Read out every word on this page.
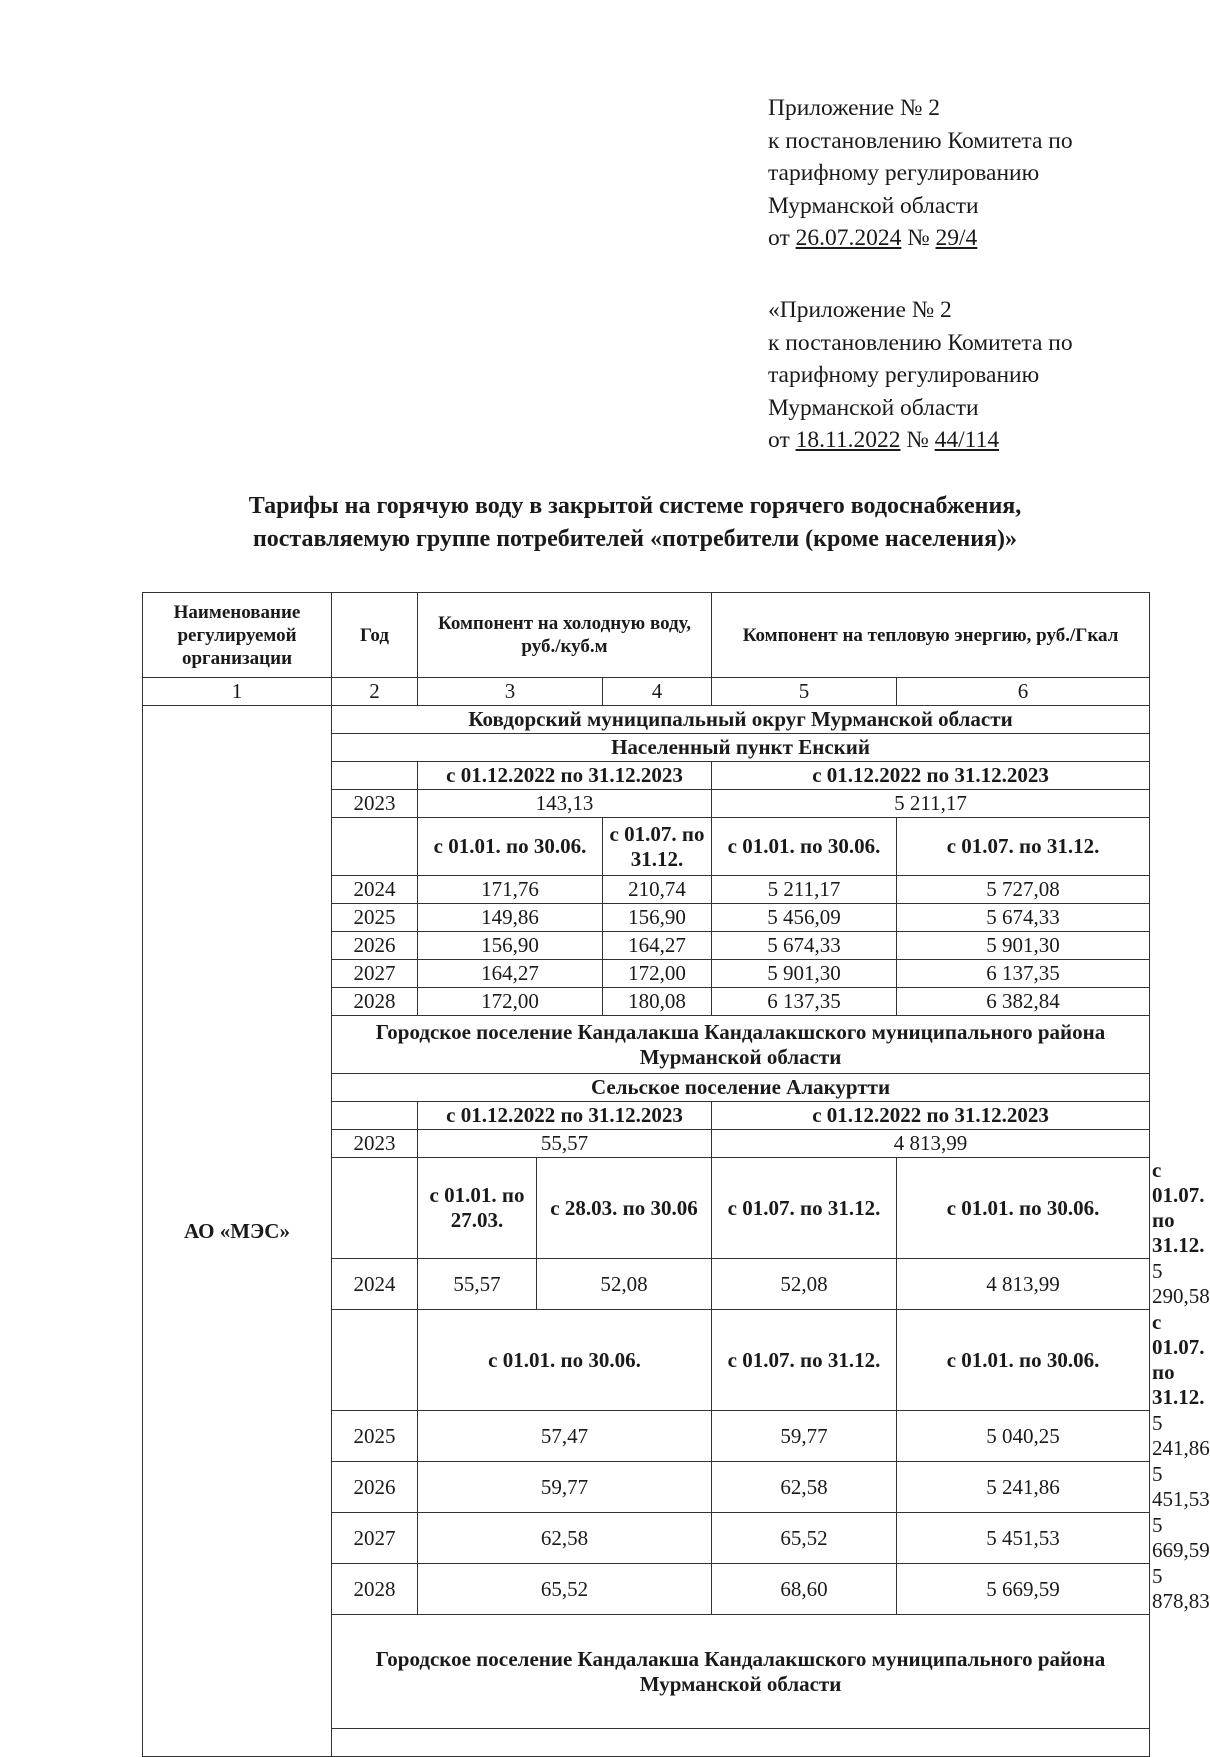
Приложение № 2
к постановлению Комитета по
тарифному регулированию
Мурманской области
от 26.07.2024 № 29/4
«Приложение № 2
к постановлению Комитета по
тарифному регулированию
Мурманской области
от 18.11.2022 № 44/114
Тарифы на горячую воду в закрытой системе горячего водоснабжения,
поставляемую группе потребителей «потребители (кроме населения)»
Наименование регулируемой организации	Год	Компонент на холодную воду, руб./куб.м			Компонент на тепловую энергию, руб./Гкал		
1	2	3		4	5	6	
АО «МЭС»	Ковдорский муниципальный округ Мурманской области						
	Населенный пункт Енский						
		с 01.12.2022 по 31.12.2023			с 01.12.2022 по 31.12.2023		
	2023	143,13			5 211,17		
		с 01.01. по 30.06.		с 01.07. по 31.12.	с 01.01. по 30.06.	с 01.07. по 31.12.	
	2024	171,76		210,74	5 211,17	5 727,08	
	2025	149,86		156,90	5 456,09	5 674,33	
	2026	156,90		164,27	5 674,33	5 901,30	
	2027	164,27		172,00	5 901,30	6 137,35	
	2028	172,00		180,08	6 137,35	6 382,84	
	Городское поселение Кандалакша Кандалакшского муниципального района Мурманской области						
	Сельское поселение Алакуртти						
		с 01.12.2022 по 31.12.2023			с 01.12.2022 по 31.12.2023		
	2023	55,57			4 813,99		
		с 01.01. по 27.03.	с 28.03. по 30.06		с 01.07. по 31.12.	с 01.01. по 30.06.	с 01.07. по 31.12.
	2024	55,57	52,08		52,08	4 813,99	5 290,58
		с 01.01. по 30.06.			с 01.07. по 31.12.	с 01.01. по 30.06.	с 01.07. по 31.12.
	2025	57,47			59,77	5 040,25	5 241,86
	2026	59,77			62,58	5 241,86	5 451,53
	2027	62,58			65,52	5 451,53	5 669,59
	2028	65,52			68,60	5 669,59	5 878,83
	Городское поселение Кандалакша Кандалакшского муниципального района Мурманской области						
